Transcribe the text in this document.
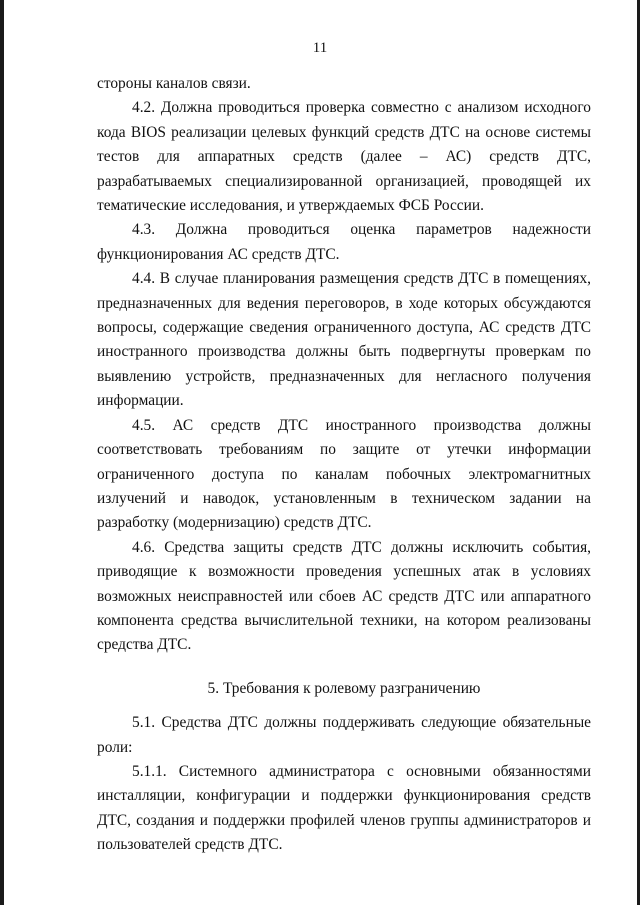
11

стороны каналов связи.

4.2. Должна проводиться проверка совместно с анализом исходного кода BIOS реализации целевых функций средств ДТС на основе системы тестов для аппаратных средств (далее – АС) средств ДТС, разрабатываемых специализированной организацией, проводящей их тематические исследования, и утверждаемых ФСБ России.

4.3. Должна проводиться оценка параметров надежности функционирования АС средств ДТС.

4.4. В случае планирования размещения средств ДТС в помещениях, предназначенных для ведения переговоров, в ходе которых обсуждаются вопросы, содержащие сведения ограниченного доступа, АС средств ДТС иностранного производства должны быть подвергнуты проверкам по выявлению устройств, предназначенных для негласного получения информации.

4.5. АС средств ДТС иностранного производства должны соответствовать требованиям по защите от утечки информации ограниченного доступа по каналам побочных электромагнитных излучений и наводок, установленным в техническом задании на разработку (модернизацию) средств ДТС.

4.6. Средства защиты средств ДТС должны исключить события, приводящие к возможности проведения успешных атак в условиях возможных неисправностей или сбоев АС средств ДТС или аппаратного компонента средства вычислительной техники, на котором реализованы средства ДТС.

5. Требования к ролевому разграничению

5.1. Средства ДТС должны поддерживать следующие обязательные роли:

5.1.1. Системного администратора с основными обязанностями инсталляции, конфигурации и поддержки функционирования средств ДТС, создания и поддержки профилей членов группы администраторов и пользователей средств ДТС.
